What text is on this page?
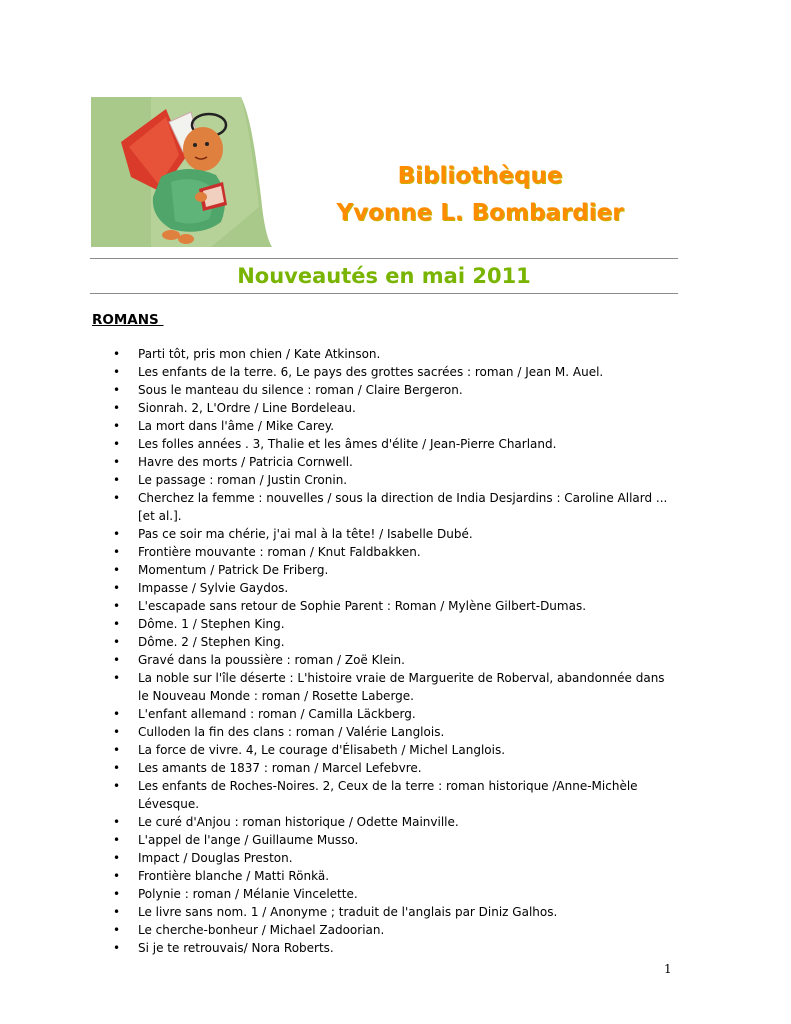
Bibliothèque
Yvonne L. Bombardier
Nouveautés en mai 2011
ROMANS
• Parti tôt, pris mon chien / Kate Atkinson.
• Les enfants de la terre. 6, Le pays des grottes sacrées : roman / Jean M. Auel.
• Sous le manteau du silence : roman / Claire Bergeron.
• Sionrah. 2, L'Ordre / Line Bordeleau.
• La mort dans l'âme / Mike Carey.
• Les folles années . 3, Thalie et les âmes d'élite / Jean-Pierre Charland.
• Havre des morts / Patricia Cornwell.
• Le passage : roman / Justin Cronin.
• Cherchez la femme : nouvelles / sous la direction de India Desjardins : Caroline Allard ... [et al.].
• Pas ce soir ma chérie, j'ai mal à la tête! / Isabelle Dubé.
• Frontière mouvante : roman / Knut Faldbakken.
• Momentum / Patrick De Friberg.
• Impasse / Sylvie Gaydos.
• L'escapade sans retour de Sophie Parent : Roman / Mylène Gilbert-Dumas.
• Dôme. 1 / Stephen King.
• Dôme. 2 / Stephen King.
• Gravé dans la poussière : roman / Zoë Klein.
• La noble sur l'île déserte : L'histoire vraie de Marguerite de Roberval, abandonnée dans le Nouveau Monde : roman / Rosette Laberge.
• L'enfant allemand : roman / Camilla Läckberg.
• Culloden la fin des clans : roman / Valérie Langlois.
• La force de vivre. 4, Le courage d'Élisabeth / Michel Langlois.
• Les amants de 1837 : roman / Marcel Lefebvre.
• Les enfants de Roches-Noires. 2, Ceux de la terre : roman historique /Anne-Michèle Lévesque.
• Le curé d'Anjou : roman historique / Odette Mainville.
• L'appel de l'ange / Guillaume Musso.
• Impact / Douglas Preston.
• Frontière blanche / Matti Rönkä.
• Polynie : roman / Mélanie Vincelette.
• Le livre sans nom. 1 / Anonyme ; traduit de l'anglais par Diniz Galhos.
• Le cherche-bonheur / Michael Zadoorian.
• Si je te retrouvais/ Nora Roberts.
1
